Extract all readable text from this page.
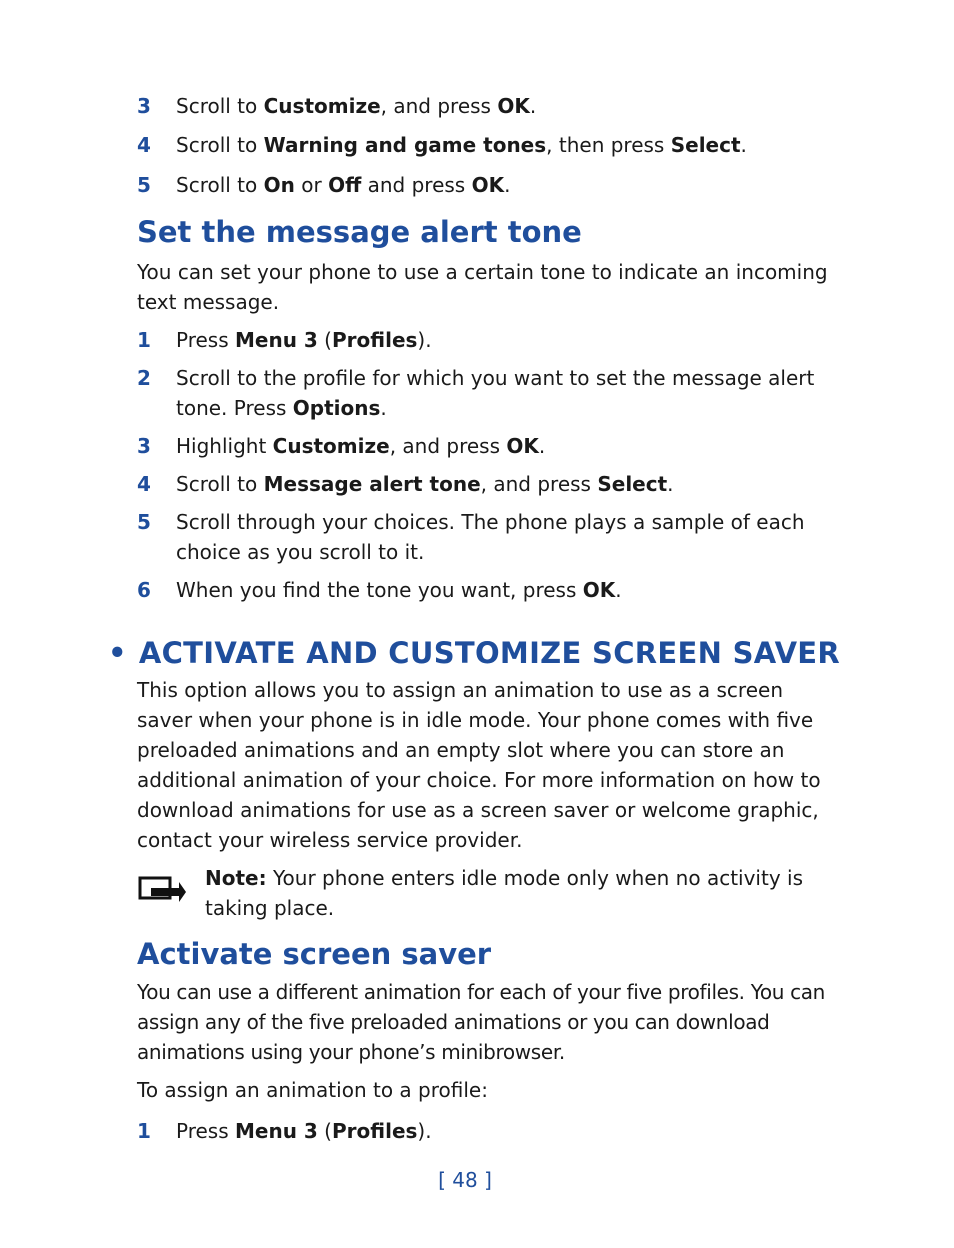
3 Scroll to Customize, and press OK.
4 Scroll to Warning and game tones, then press Select.
5 Scroll to On or Off and press OK.
Set the message alert tone
You can set your phone to use a certain tone to indicate an incoming text message.
1 Press Menu 3 (Profiles).
2 Scroll to the profile for which you want to set the message alert tone. Press Options.
3 Highlight Customize, and press OK.
4 Scroll to Message alert tone, and press Select.
5 Scroll through your choices. The phone plays a sample of each choice as you scroll to it.
6 When you find the tone you want, press OK.
• ACTIVATE AND CUSTOMIZE SCREEN SAVER
This option allows you to assign an animation to use as a screen saver when your phone is in idle mode. Your phone comes with five preloaded animations and an empty slot where you can store an additional animation of your choice. For more information on how to download animations for use as a screen saver or welcome graphic, contact your wireless service provider.
Note: Your phone enters idle mode only when no activity is taking place.
Activate screen saver
You can use a different animation for each of your five profiles. You can assign any of the five preloaded animations or you can download animations using your phone’s minibrowser.
To assign an animation to a profile:
1 Press Menu 3 (Profiles).
[ 48 ]
